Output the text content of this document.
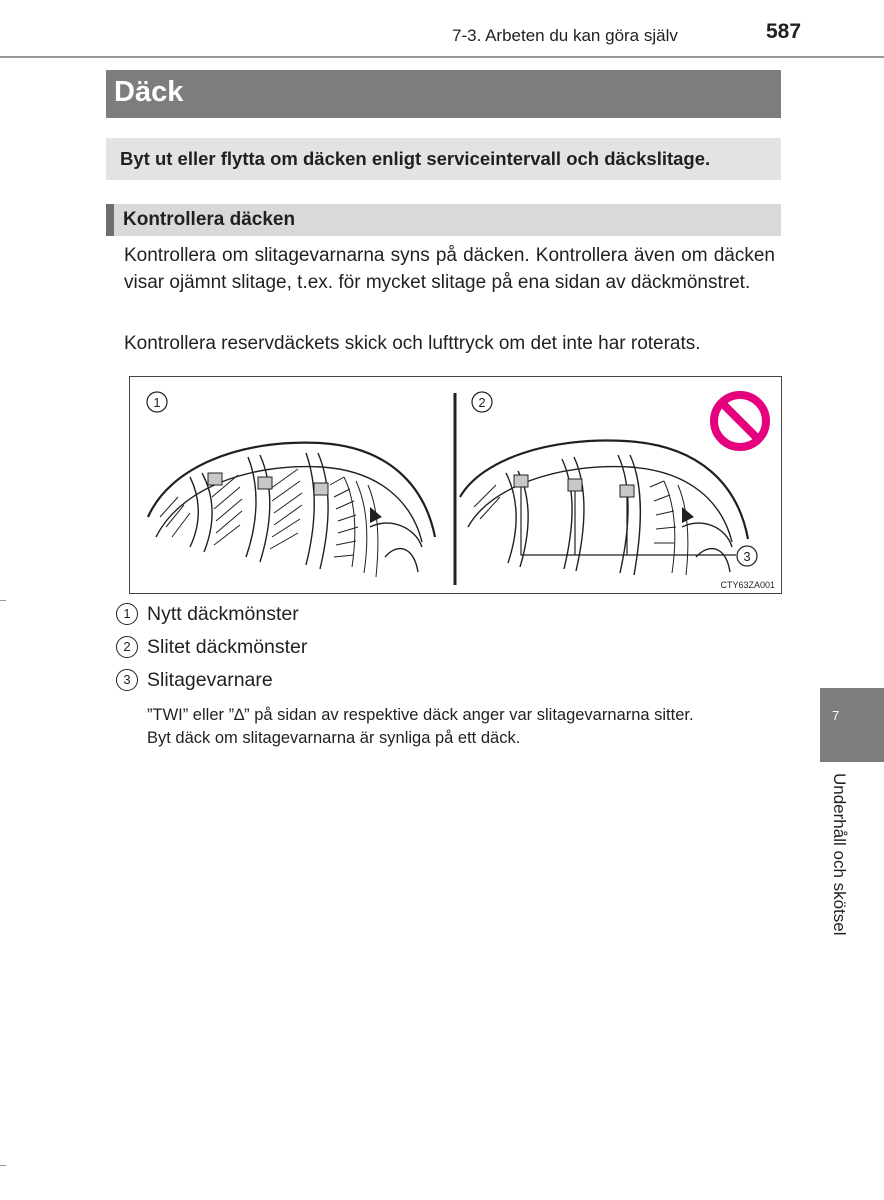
7-3. Arbeten du kan göra själv	587
Däck
Byt ut eller flytta om däcken enligt serviceintervall och däckslitage.
Kontrollera däcken
Kontrollera om slitagevarnarna syns på däcken. Kontrollera även om däcken visar ojämnt slitage, t.ex. för mycket slitage på ena sidan av däckmönstret.
Kontrollera reservdäckets skick och lufttryck om det inte har roterats.
1	2
3
CTY63ZA001
1 Nytt däckmönster
2 Slitet däckmönster
3 Slitagevarnare
”TWI” eller ”∆” på sidan av respektive däck anger var slitagevarnarna sitter.
Byt däck om slitagevarnarna är synliga på ett däck.
7
Underhåll och skötsel
